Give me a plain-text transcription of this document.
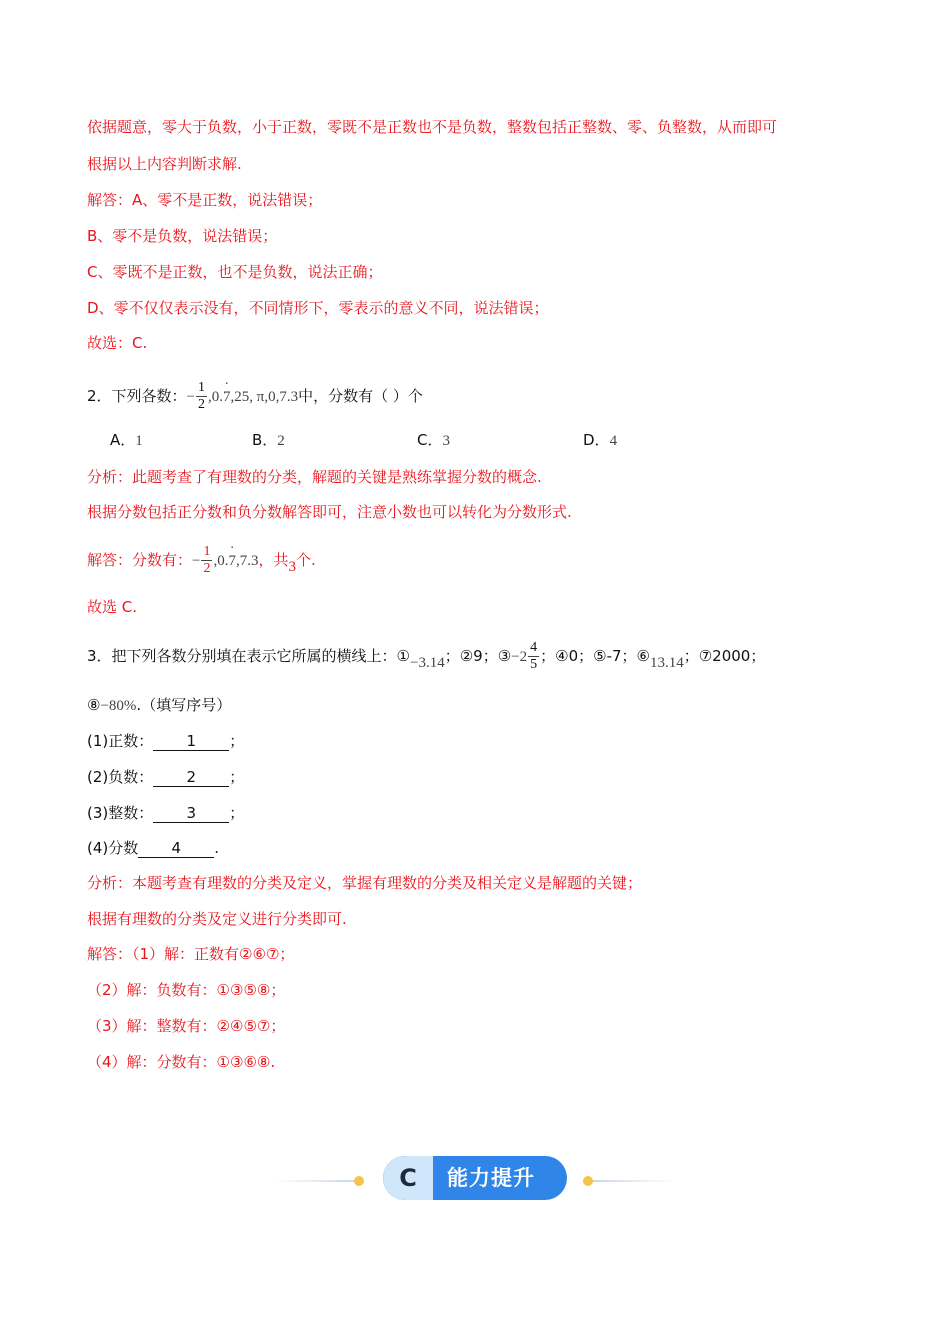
依据题意，零大于负数，小于正数，零既不是正数也不是负数，整数包括正整数、零、负整数，从而即可
根据以上内容判断求解.
解答：A、零不是正数，说法错误；
B、零不是负数，说法错误；
C、零既不是正数，也不是负数，说法正确；
D、零不仅仅表示没有，不同情形下，零表示的意义不同，说法错误；
故选：C.
2．下列各数：− $\frac{1}{2} ,0.\cdot 7,25$, π,0,7.3中，分数有（ ）个
A．1	B．2	C．3	D．4
分析：此题考查了有理数的分类，解题的关键是熟练掌握分数的概念.
根据分数包括正分数和负分数解答即可，注意小数也可以转化为分数形式.
解答：分数有：− $\frac{1}{2} ,0.\cdot 7,7.3$，共3个.
故选 C.
3．把下列各数分别填在表示它所属的横线上：①−3.14；②9；③−2 $\frac{4}{5}$ ；④0；⑤-7；⑥13.14；⑦2000；
⑧−80%.（填写序号）
(1)正数： 1 ；
(2)负数： 2 ；
(3)整数： 3 ；
(4)分数 4 .
分析：本题考查有理数的分类及定义，掌握有理数的分类及相关定义是解题的关键；
根据有理数的分类及定义进行分类即可.
解答：（1）解：正数有②⑥⑦；
（2）解：负数有：①③⑤⑧；
（3）解：整数有：②④⑤⑦；
（4）解：分数有：①③⑥⑧.
C	能力提升
